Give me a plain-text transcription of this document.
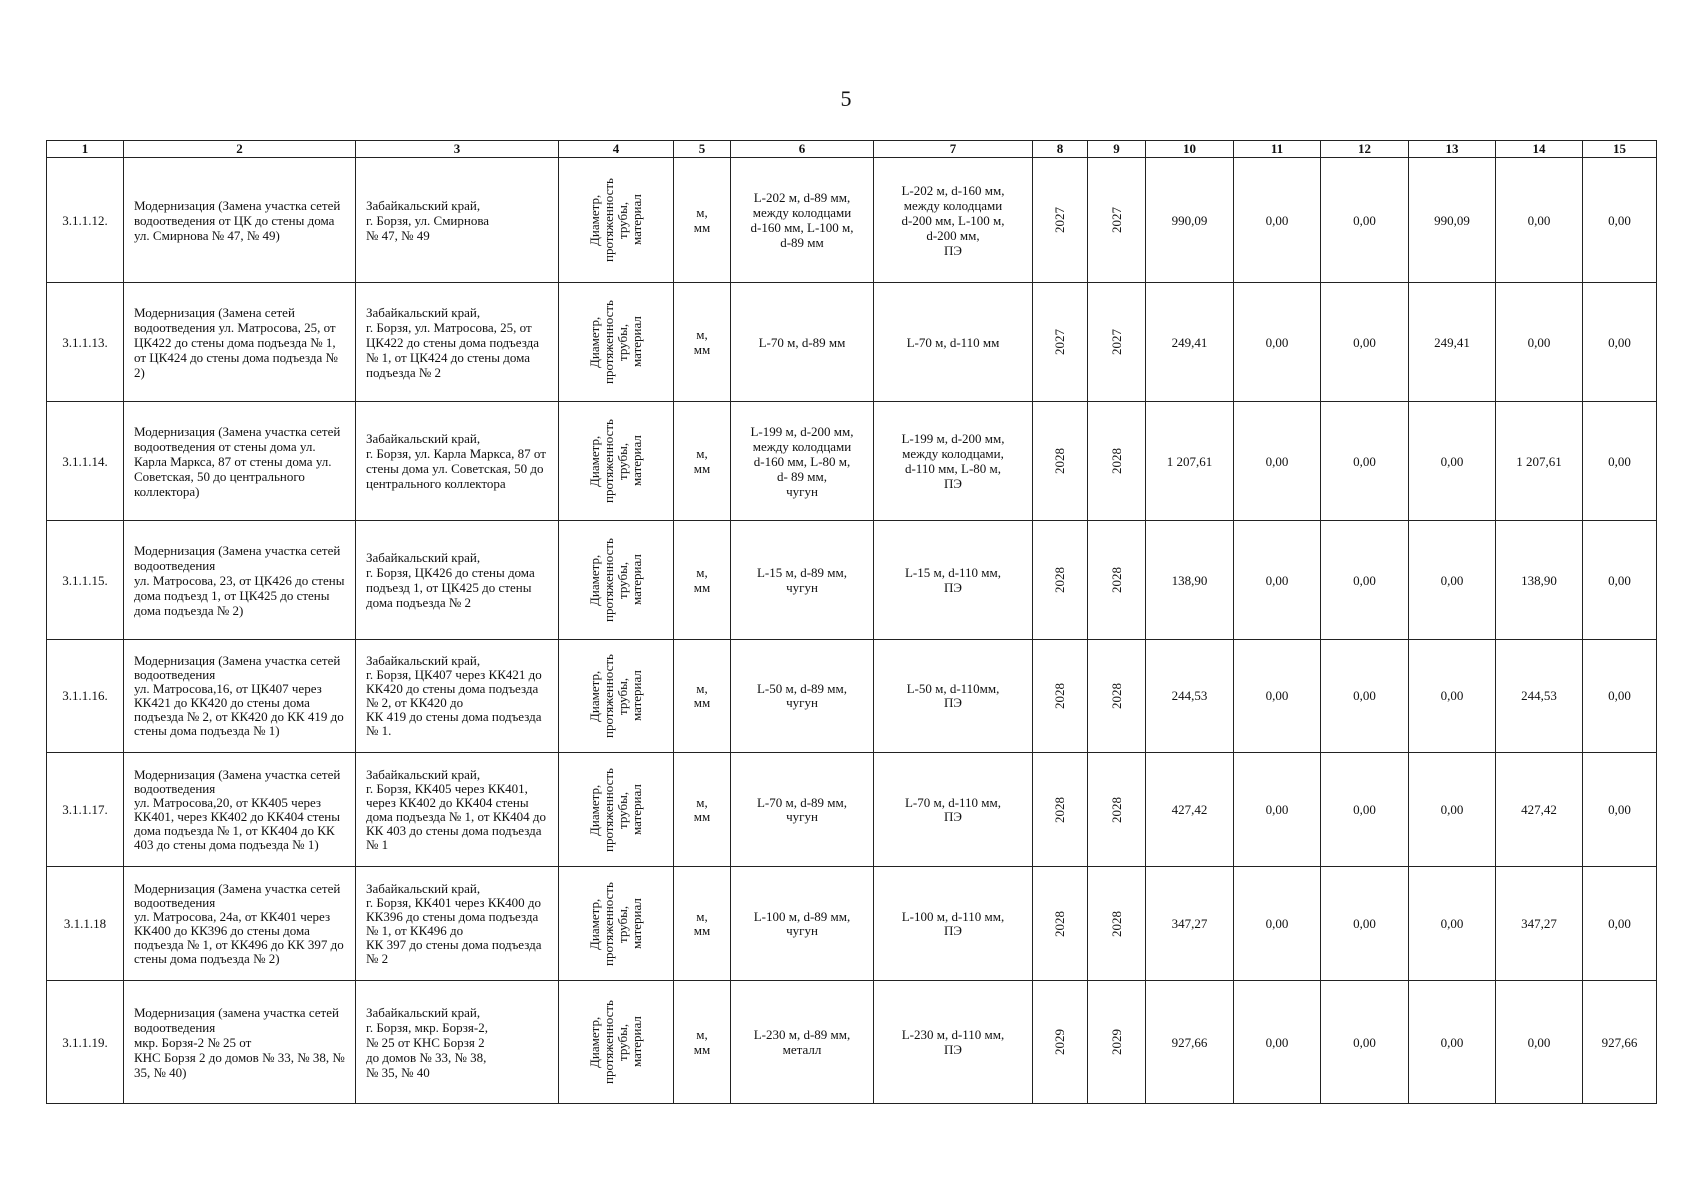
5
1	2	3	4	5	6	7	8	9	10	11	12	13	14	15
3.1.1.12.	Модернизация (Замена участка сетей водоотведения от ЦК до стены дома ул. Смирнова № 47, № 49)	Забайкальский край,
г. Борзя, ул. Смирнова
№ 47, № 49	Диаметр,
протяженность
трубы,
материал	м,
мм	L-202 м, d-89 мм,
между колодцами
d-160 мм, L-100 м,
d-89 мм	L-202 м, d-160 мм,
между колодцами
d-200 мм, L-100 м,
d-200 мм,
ПЭ	2027	2027	990,09	0,00	0,00	990,09	0,00	0,00
3.1.1.13.	Модернизация (Замена сетей водоотведения ул. Матросова, 25, от ЦК422 до стены дома подъезда № 1, от ЦК424 до стены дома подъезда № 2)	Забайкальский край,
г. Борзя, ул. Матросова, 25, от ЦК422 до стены дома подъезда № 1, от ЦК424 до стены дома подъезда № 2	Диаметр,
протяженность
трубы,
материал	м,
мм	L-70 м, d-89 мм	L-70 м, d-110 мм	2027	2027	249,41	0,00	0,00	249,41	0,00	0,00
3.1.1.14.	Модернизация (Замена участка сетей водоотведения от стены дома ул. Карла Маркса, 87 от стены дома ул. Советская, 50 до центрального коллектора)	Забайкальский край,
г. Борзя, ул. Карла Маркса, 87 от стены дома ул. Советская, 50 до центрального коллектора	Диаметр,
протяженность
трубы,
материал	м,
мм	L-199 м, d-200 мм,
между колодцами
d-160 мм, L-80 м,
d- 89 мм,
чугун	L-199 м, d-200 мм,
между колодцами,
d-110 мм, L-80 м,
ПЭ	2028	2028	1 207,61	0,00	0,00	0,00	1 207,61	0,00
3.1.1.15.	Модернизация (Замена участка сетей водоотведения
ул. Матросова, 23, от ЦК426 до стены дома подъезд 1, от ЦК425 до стены дома подъезда № 2)	Забайкальский край,
г. Борзя, ЦК426 до стены дома подъезд 1, от ЦК425 до стены дома подъезда № 2	Диаметр,
протяженность
трубы,
материал	м,
мм	L-15 м, d-89 мм,
чугун	L-15 м, d-110 мм,
ПЭ	2028	2028	138,90	0,00	0,00	0,00	138,90	0,00
3.1.1.16.	Модернизация (Замена участка сетей водоотведения
ул. Матросова,16, от ЦК407 через КК421 до КК420 до стены дома подъезда № 2, от КК420 до КК 419 до стены дома подъезда № 1)	Забайкальский край,
г. Борзя, ЦК407 через КК421 до КК420 до стены дома подъезда
№ 2, от КК420 до
КК 419 до стены дома подъезда № 1.	Диаметр,
протяженность
трубы,
материал	м,
мм	L-50 м, d-89 мм,
чугун	L-50 м, d-110мм,
ПЭ	2028	2028	244,53	0,00	0,00	0,00	244,53	0,00
3.1.1.17.	Модернизация (Замена участка сетей водоотведения
ул. Матросова,20, от КК405 через КК401, через КК402 до КК404 стены дома подъезда № 1, от КК404 до КК 403 до стены дома подъезда № 1)	Забайкальский край,
г. Борзя, КК405 через КК401, через КК402 до КК404 стены дома подъезда № 1, от КК404 до КК 403 до стены дома подъезда № 1	Диаметр,
протяженность
трубы,
материал	м,
мм	L-70 м, d-89 мм,
чугун	L-70 м, d-110 мм,
ПЭ	2028	2028	427,42	0,00	0,00	0,00	427,42	0,00
3.1.1.18	Модернизация (Замена участка сетей водоотведения
ул. Матросова, 24а, от КК401 через КК400 до КК396 до стены дома подъезда № 1, от КК496 до КК 397 до стены дома подъезда № 2)	Забайкальский край,
г. Борзя, КК401 через КК400 до КК396 до стены дома подъезда
№ 1, от КК496 до
КК 397 до стены дома подъезда № 2	Диаметр,
протяженность
трубы,
материал	м,
мм	L-100 м, d-89 мм,
чугун	L-100 м, d-110 мм,
ПЭ	2028	2028	347,27	0,00	0,00	0,00	347,27	0,00
3.1.1.19.	Модернизация (замена участка сетей водоотведения
мкр. Борзя-2 № 25 от
КНС Борзя 2 до домов № 33, № 38, № 35, № 40)	Забайкальский край,
г. Борзя, мкр. Борзя-2,
№ 25 от КНС Борзя 2
до домов № 33, № 38,
№ 35, № 40	Диаметр,
протяженность
трубы,
материал	м,
мм	L-230 м, d-89 мм,
металл	L-230 м, d-110 мм,
ПЭ	2029	2029	927,66	0,00	0,00	0,00	0,00	927,66
